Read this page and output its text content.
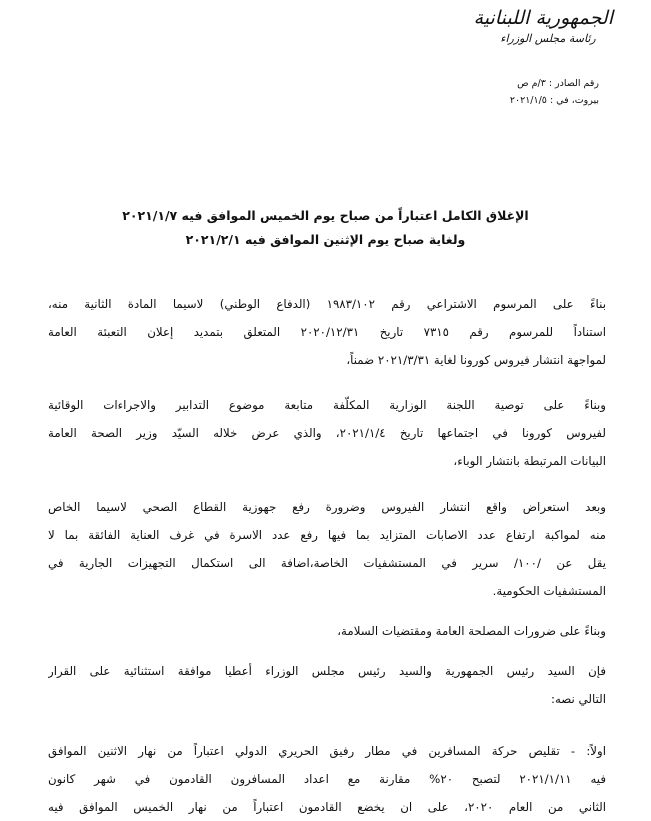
الجمهورية اللبنانية
رئاسة مجلس الوزراء
رقم الصادر : ٣/م ص
بيروت، في : ٢٠٢١/١/٥
الإغلاق الكامل اعتباراً من صباح يوم الخميس الموافق فيه ٢٠٢١/١/٧
ولغاية صباح يوم الإثنين الموافق فيه ٢٠٢١/٢/١
بناءً على المرسوم الاشتراعي رقم ١٩٨٣/١٠٢ (الدفاع الوطني) لاسيما المادة الثانية منه،
استناداً للمرسوم رقم ٧٣١٥ تاريخ ٢٠٢٠/١٢/٣١ المتعلق بتمديد إعلان التعبئة العامة
لمواجهة انتشار فيروس كورونا لغاية ٢٠٢١/٣/٣١ ضمناً،
وبناءً على توصية اللجنة الوزارية المكلّفة متابعة موضوع التدابير والاجراءات الوقائية
لفيروس كورونا في اجتماعها تاريخ ٢٠٢١/١/٤، والذي عرض خلاله السيّد وزير الصحة العامة
البيانات المرتبطة بانتشار الوباء،
وبعد استعراض واقع انتشار الفيروس وضرورة رفع جهوزية القطاع الصحي لاسيما الخاص
منه لمواكبة ارتفاع عدد الاصابات المتزايد بما فيها رفع عدد الاسرة في غرف العناية الفائقة بما لا
يقل عن /١٠٠/ سرير في المستشفيات الخاصة،اضافة الى استكمال التجهيزات الجارية في
المستشفيات الحكومية.
وبناءً على ضرورات المصلحة العامة ومقتضيات السلامة،
فإن السيد رئيس الجمهورية والسيد رئيس مجلس الوزراء أعطيا موافقة استثنائية على القرار
التالي نصه:
اولاً: - تقليص حركة المسافرين في مطار رفيق الحريري الدولي اعتباراً من نهار الاثنين الموافق
فيه ٢٠٢١/١/١١ لتصبح ٢٠% مقارنة مع اعداد المسافرون القادمون في شهر كانون
الثاني من العام ٢٠٢٠، على ان يخضع القادمون اعتباراً من نهار الخميس الموافق فيه
